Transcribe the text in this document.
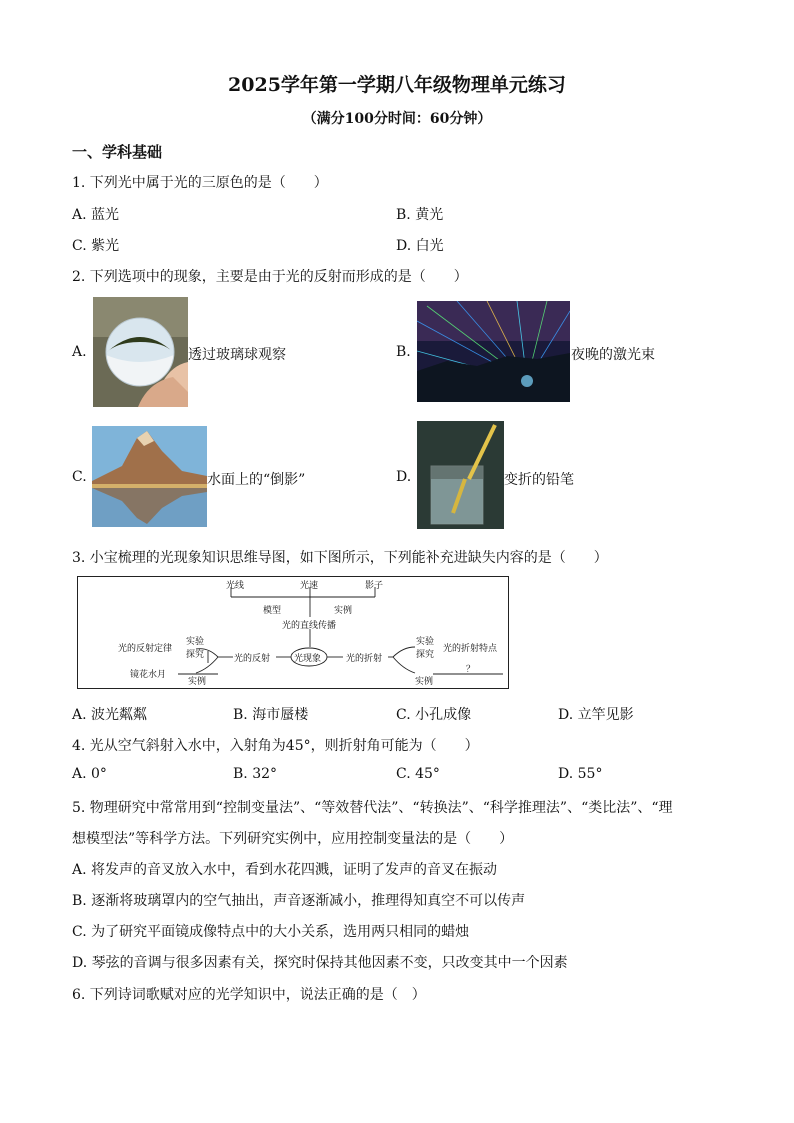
2025学年第一学期八年级物理单元练习
（满分100分时间：60分钟）
一、学科基础
1. 下列光中属于光的三原色的是（　　）
A. 蓝光	B. 黄光
C. 紫光	D. 白光
2. 下列选项中的现象，主要是由于光的反射而形成的是（　　）
A.	透过玻璃球观察	B.	夜晚的激光束
C.	水面上的“倒影”	D.	变折的铅笔
3. 小宝梳理的光现象知识思维导图，如下图所示，下列能补充进缺失内容的是（　　）
光线	光速	影子
模型	实例
光的直线传播
光现象
光的反射	光的折射
光的反射定律
实验
探究
实验
探究
光的折射特点
？
镜花水月
实例	实例
A. 波光粼粼	B. 海市蜃楼	C. 小孔成像	D. 立竿见影
4. 光从空气斜射入水中，入射角为45°，则折射角可能为（　　）
A. 0°	B. 32°	C. 45°	D. 55°
5. 物理研究中常常用到“控制变量法”、“等效替代法”、“转换法”、“科学推理法”、“类比法”、“理
想模型法”等科学方法。下列研究实例中，应用控制变量法的是（　　）
A. 将发声的音叉放入水中，看到水花四溅，证明了发声的音叉在振动
B. 逐渐将玻璃罩内的空气抽出，声音逐渐减小，推理得知真空不可以传声
C. 为了研究平面镜成像特点中的大小关系，选用两只相同的蜡烛
D. 琴弦的音调与很多因素有关，探究时保持其他因素不变，只改变其中一个因素
6. 下列诗词歌赋对应的光学知识中，说法正确的是（　）
